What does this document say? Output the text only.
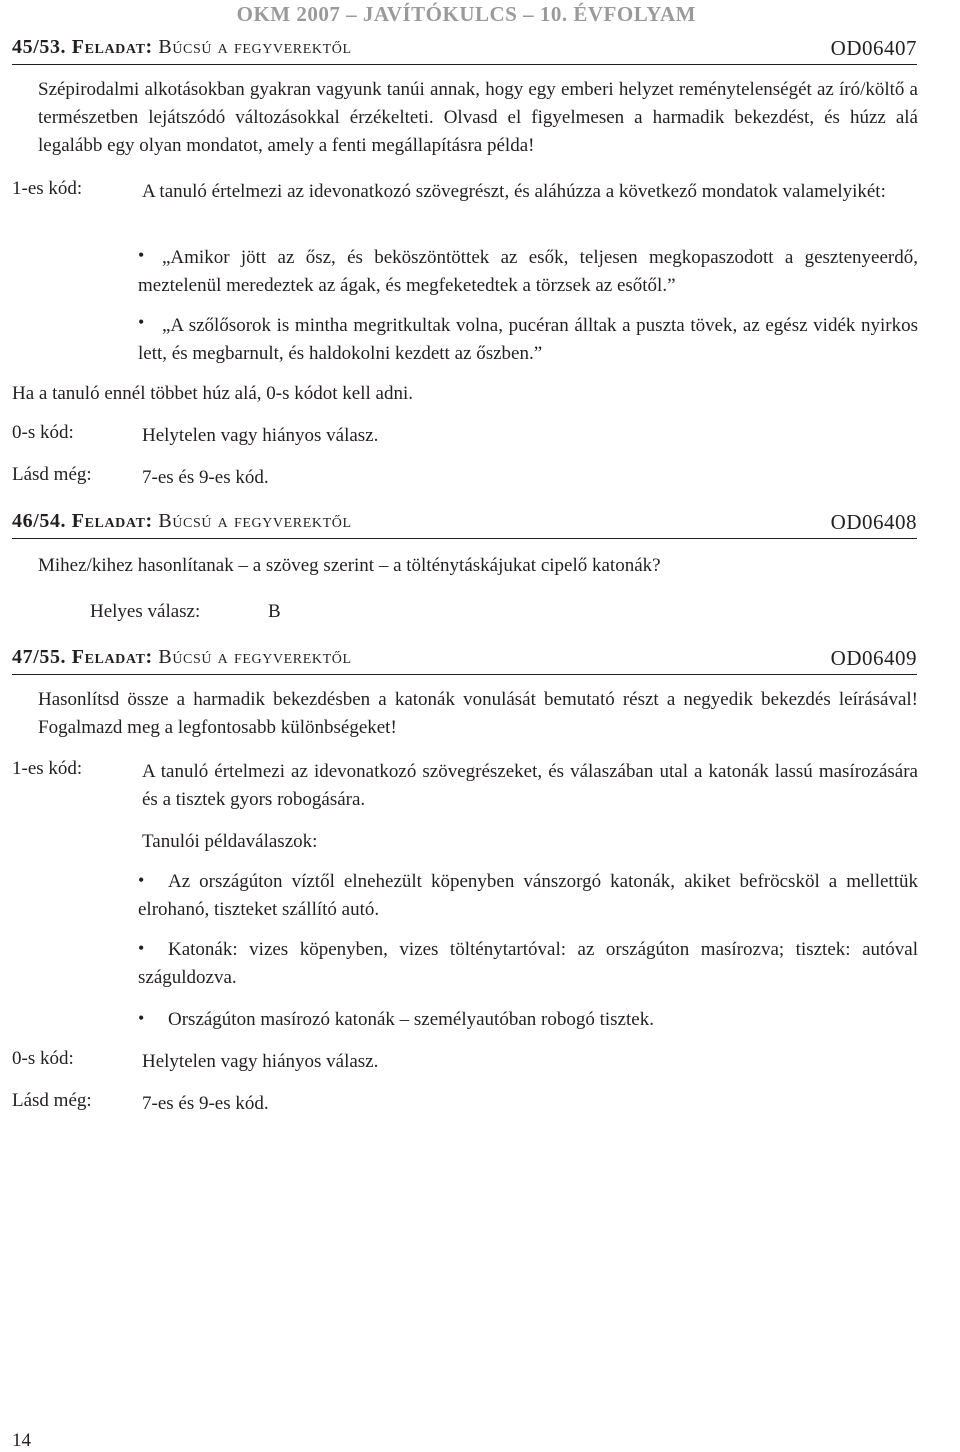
OKM 2007 – JAVÍTÓKULCS – 10. ÉVFOLYAM
45/53. Feladat: Búcsú a fegyverektől	OD06407
Szépirodalmi alkotásokban gyakran vagyunk tanúi annak, hogy egy emberi helyzet reménytelenségét az író/költő a természetben lejátszódó változásokkal érzékelteti. Olvasd el figyelmesen a harmadik bekezdést, és húzz alá legalább egy olyan mondatot, amely a fenti megállapításra példa!
1-es kód:	A tanuló értelmezi az idevonatkozó szövegrészt, és aláhúzza a következő mondatok valamelyikét:
• „Amikor jött az ősz, és beköszöntöttek az esők, teljesen megkopaszodott a gesztenyeerdő, meztelenül meredeztek az ágak, és megfeketedtek a törzsek az esőtől.”
• „A szőlősorok is mintha megritkultak volna, pucéran álltak a puszta tövek, az egész vidék nyirkos lett, és megbarnult, és haldokolni kezdett az őszben.”
Ha a tanuló ennél többet húz alá, 0-s kódot kell adni.
0-s kód:	Helytelen vagy hiányos válasz.
Lásd még:	7-es és 9-es kód.
46/54. Feladat: Búcsú a fegyverektől	OD06408
Mihez/kihez hasonlítanak – a szöveg szerint – a tölténytáskájukat cipelő katonák?
Helyes válasz:	B
47/55. Feladat: Búcsú a fegyverektől	OD06409
Hasonlítsd össze a harmadik bekezdésben a katonák vonulását bemutató részt a negyedik bekezdés leírásával! Fogalmazd meg a legfontosabb különbségeket!
1-es kód:	A tanuló értelmezi az idevonatkozó szövegrészeket, és válaszában utal a katonák lassú masírozására és a tisztek gyors robogására.
Tanulói példaválaszok:
•	Az országúton víztől elnehezült köpenyben vánszorgó katonák, akiket befröcsköl a mellettük elrohanó, tiszteket szállító autó.
•	Katonák: vizes köpenyben, vizes tölténytartóval: az országúton masírozva; tisztek: autóval száguldozva.
•	Országúton masírozó katonák – személyautóban robogó tisztek.
0-s kód:	Helytelen vagy hiányos válasz.
Lásd még:	7-es és 9-es kód.
14
